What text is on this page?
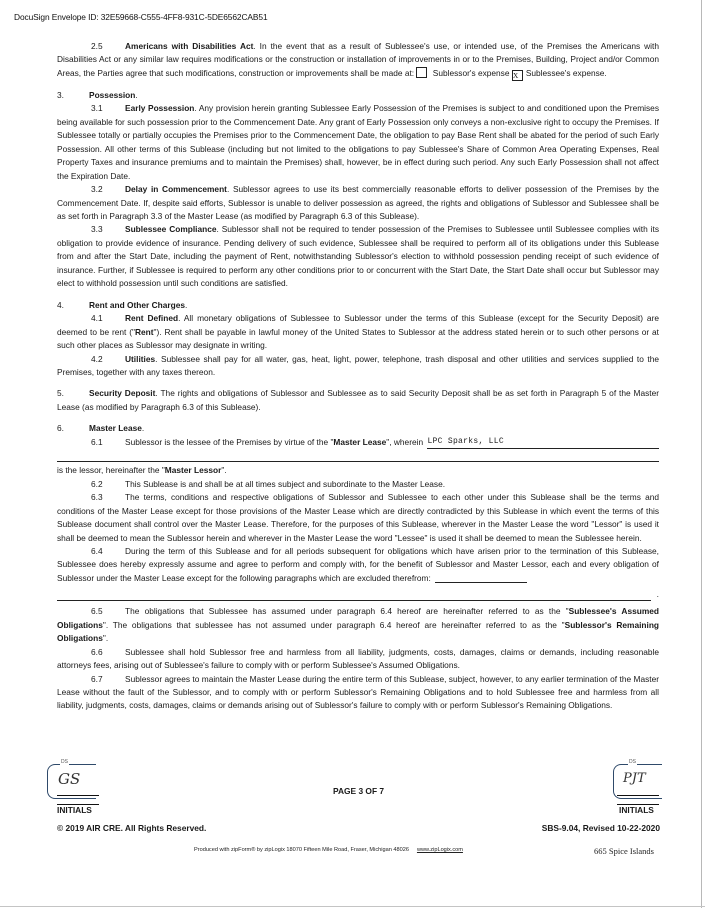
DocuSign Envelope ID: 32E59668-C555-4FF8-931C-5DE6562CAB51

2.5	Americans with Disabilities Act. In the event that as a result of Sublessee's use, or intended use, of the Premises the Americans with Disabilities Act or any similar law requires modifications or the construction or installation of improvements in or to the Premises, Building, Project and/or Common Areas, the Parties agree that such modifications, construction or improvements shall be made at: Sublessor's expense X Sublessee's expense.

3.	Possession.

3.1	Early Possession. Any provision herein granting Sublessee Early Possession of the Premises is subject to and conditioned upon the Premises being available for such possession prior to the Commencement Date. Any grant of Early Possession only conveys a non-exclusive right to occupy the Premises. If Sublessee totally or partially occupies the Premises prior to the Commencement Date, the obligation to pay Base Rent shall be abated for the period of such Early Possession. All other terms of this Sublease (including but not limited to the obligations to pay Sublessee's Share of Common Area Operating Expenses, Real Property Taxes and insurance premiums and to maintain the Premises) shall, however, be in effect during such period. Any such Early Possession shall not affect the Expiration Date.

3.2	Delay in Commencement. Sublessor agrees to use its best commercially reasonable efforts to deliver possession of the Premises by the Commencement Date. If, despite said efforts, Sublessor is unable to deliver possession as agreed, the rights and obligations of Sublessor and Sublessee shall be as set forth in Paragraph 3.3 of the Master Lease (as modified by Paragraph 6.3 of this Sublease).

3.3	Sublessee Compliance. Sublessor shall not be required to tender possession of the Premises to Sublessee until Sublessee complies with its obligation to provide evidence of insurance. Pending delivery of such evidence, Sublessee shall be required to perform all of its obligations under this Sublease from and after the Start Date, including the payment of Rent, notwithstanding Sublessor's election to withhold possession pending receipt of such evidence of insurance. Further, if Sublessee is required to perform any other conditions prior to or concurrent with the Start Date, the Start Date shall occur but Sublessor may elect to withhold possession until such conditions are satisfied.

4.	Rent and Other Charges.

4.1	Rent Defined. All monetary obligations of Sublessee to Sublessor under the terms of this Sublease (except for the Security Deposit) are deemed to be rent ("Rent"). Rent shall be payable in lawful money of the United States to Sublessor at the address stated herein or to such other persons or at such other places as Sublessor may designate in writing.

4.2	Utilities. Sublessee shall pay for all water, gas, heat, light, power, telephone, trash disposal and other utilities and services supplied to the Premises, together with any taxes thereon.

5.	Security Deposit. The rights and obligations of Sublessor and Sublessee as to said Security Deposit shall be as set forth in Paragraph 5 of the Master Lease (as modified by Paragraph 6.3 of this Sublease).

6.	Master Lease.

6.1	Sublessor is the lessee of the Premises by virtue of the " Master Lease ", wherein
LPC Sparks, LLC

is the lessor, hereinafter the "Master Lessor".

6.2	This Sublease is and shall be at all times subject and subordinate to the Master Lease.

6.3	The terms, conditions and respective obligations of Sublessor and Sublessee to each other under this Sublease shall be the terms and conditions of the Master Lease except for those provisions of the Master Lease which are directly contradicted by this Sublease in which event the terms of this Sublease document shall control over the Master Lease. Therefore, for the purposes of this Sublease, wherever in the Master Lease the word "Lessor" is used it shall be deemed to mean the Sublessor herein and wherever in the Master Lease the word "Lessee" is used it shall be deemed to mean the Sublessee herein.

6.4	During the term of this Sublease and for all periods subsequent for obligations which have arisen prior to the termination of this Sublease, Sublessee does hereby expressly assume and agree to perform and comply with, for the benefit of Sublessor and Master Lessor, each and every obligation of Sublessor under the Master Lease except for the following paragraphs which are excluded therefrom:

.

6.5	The obligations that Sublessee has assumed under paragraph 6.4 hereof are hereinafter referred to as the "Sublessee's Assumed Obligations". The obligations that sublessee has not assumed under paragraph 6.4 hereof are hereinafter referred to as the "Sublessor's Remaining Obligations".

6.6	Sublessee shall hold Sublessor free and harmless from all liability, judgments, costs, damages, claims or demands, including reasonable attorneys fees, arising out of Sublessee's failure to comply with or perform Sublessee's Assumed Obligations.

6.7	Sublessor agrees to maintain the Master Lease during the entire term of this Sublease, subject, however, to any earlier termination of the Master Lease without the fault of the Sublessor, and to comply with or perform Sublessor's Remaining Obligations and to hold Sublessee free and harmless from all liability, judgments, costs, damages, claims or demands arising out of Sublessor's failure to comply with or perform Sublessor's Remaining Obligations.

DS
GS
INITIALS
PAGE 3 OF 7
DS
PJT
INITIALS
© 2019 AIR CRE. All Rights Reserved.	SBS-9.04, Revised 10-22-2020
Produced with zipForm® by zipLogix 18070 Fifteen Mile Road, Fraser, Michigan 48026 www.zipLogix.com	665 Spice Islands
